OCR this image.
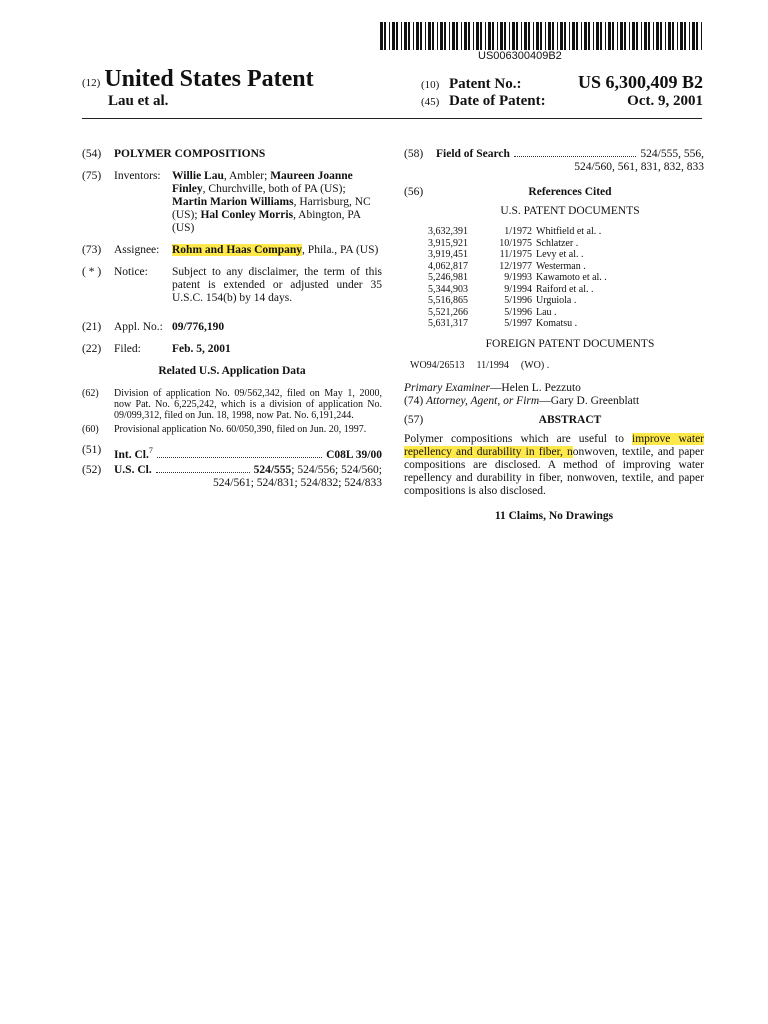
US006300409B2
(12) United States Patent
Lau et al.
(10) Patent No.:	US 6,300,409 B2
(45) Date of Patent:	Oct. 9, 2001
(54)	POLYMER COMPOSITIONS
(75)	Inventors: Willie Lau, Ambler; Maureen Joanne Finley, Churchville, both of PA (US); Martin Marion Williams, Harrisburg, NC (US); Hal Conley Morris, Abington, PA (US)
(73)	Assignee:	Rohm and Haas Company, Phila., PA (US)
( * )	Notice:	Subject to any disclaimer, the term of this patent is extended or adjusted under 35 U.S.C. 154(b) by 14 days.
(21)	Appl. No.: 09/776,190
(22)	Filed:	Feb. 5, 2001
Related U.S. Application Data
(62)	Division of application No. 09/562,342, filed on May 1, 2000, now Pat. No. 6,225,242, which is a division of application No. 09/099,312, filed on Jun. 18, 1998, now Pat. No. 6,191,244.
(60)	Provisional application No. 60/050,390, filed on Jun. 20, 1997.
(51)	Int. Cl.$^7$	C08L 39/00
(52)	U.S. Cl.	524/555; 524/556; 524/560;
524/561; 524/831; 524/832; 524/833
(58)	Field of Search	524/555, 556,
524/560, 561, 831, 832, 833
(56)	References Cited
U.S. PATENT DOCUMENTS
3,632,391	1/1972 Whitfield et al. .
3,915,921	10/1975 Schlatzer .
3,919,451	11/1975 Levy et al. .
4,062,817	12/1977 Westerman .
5,246,981	9/1993 Kawamoto et al. .
5,344,903	9/1994 Raiford et al. .
5,516,865	5/1996 Urguiola .
5,521,266	5/1996 Lau .
5,631,317	5/1997 Komatsu .
FOREIGN PATENT DOCUMENTS
WO94/26513 11/1994 (WO) .
Primary Examiner—Helen L. Pezzuto
(74) Attorney, Agent, or Firm—Gary D. Greenblatt
(57)	ABSTRACT
Polymer compositions which are useful to improve water repellency and durability in fiber, nonwoven, textile, and paper compositions are disclosed. A method of improving water repellency and durability in fiber, nonwoven, textile, and paper compositions is also disclosed.
11 Claims, No Drawings
